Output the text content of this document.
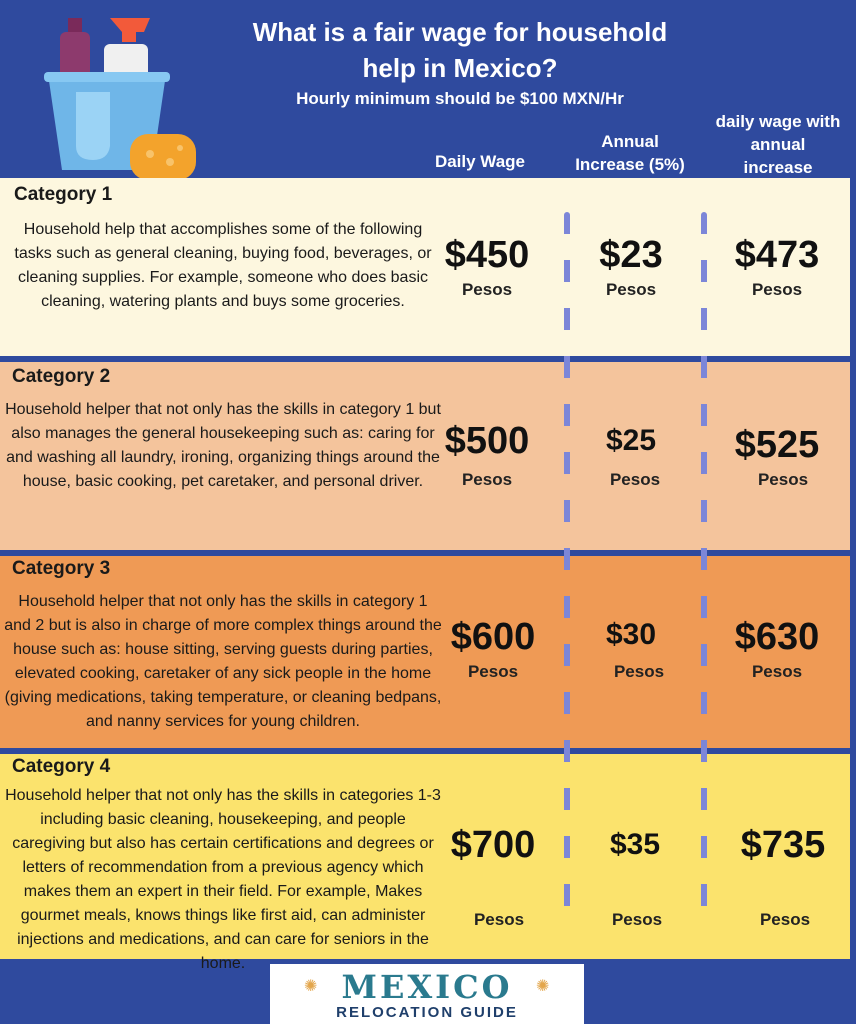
What is a fair wage for household
help in Mexico?
Hourly minimum should be $100 MXN/Hr
Daily Wage
Annual
Increase (5%)
daily wage with
annual
increase
Category 1
Household help that accomplishes some of the following tasks such as general cleaning, buying food, beverages, or cleaning supplies. For example, someone who does basic cleaning, watering plants and buys some groceries.
$450
Pesos
$23
Pesos
$473
Pesos
Category 2
Household helper that not only has the skills in category 1 but also manages the general housekeeping such as: caring for and washing all laundry, ironing, organizing things around the house, basic cooking, pet caretaker, and personal driver.
$500
Pesos
$25
Pesos
$525
Pesos
Category 3
Household helper that not only has the skills in category 1 and 2 but is also in charge of more complex things around the house such as: house sitting, serving guests during parties, elevated cooking, caretaker of any sick people in the home (giving medications, taking temperature, or cleaning bedpans, and nanny services for young children.
$600
Pesos
$30
Pesos
$630
Pesos
Category 4
Household helper that not only has the skills in categories 1-3 including basic cleaning, housekeeping, and people caregiving but also has certain certifications and degrees or letters of recommendation from a previous agency which makes them an expert in their field. For example, Makes gourmet meals, knows things like first aid, can administer injections and medications, and can care for seniors in the home.
$700
Pesos
$35
Pesos
$735
Pesos
✺ MEXICO	✺
RELOCATION GUIDE
